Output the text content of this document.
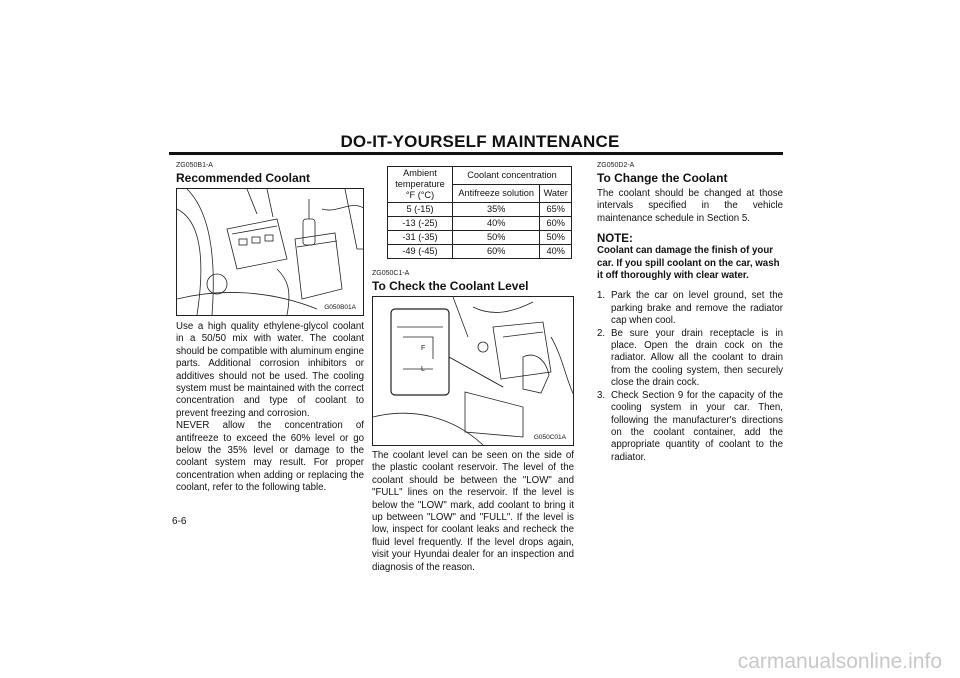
DO-IT-YOURSELF MAINTENANCE
ZG050B1-A
Recommended Coolant
G050B01A
Use a high quality ethylene-glycol coolant in a 50/50 mix with water. The coolant should be compatible with aluminum engine parts. Additional corrosion inhibitors or additives should not be used. The cooling system must be maintained with the correct concentration and type of coolant to prevent freezing and corrosion.
NEVER allow the concentration of antifreeze to exceed the 60% level or go below the 35% level or damage to the coolant system may result. For proper concentration when adding or replacing the coolant, refer to the following table.
Ambient temperature °F (°C)	Coolant concentration	
	Antifreeze solution	Water
5 (-15)	35%	65%
-13 (-25)	40%	60%
-31 (-35)	50%	50%
-49 (-45)	60%	40%
ZG050C1-A
To Check the Coolant Level
F
L
G050C01A
The coolant level can be seen on the side of the plastic coolant reservoir. The level of the coolant should be between the "LOW" and "FULL" lines on the reservoir. If the level is below the "LOW" mark, add coolant to bring it up between "LOW" and "FULL". If the level is low, inspect for coolant leaks and recheck the fluid level frequently. If the level drops again, visit your Hyundai dealer for an inspection and diagnosis of the reason.
ZG050D2-A
To Change the Coolant
The coolant should be changed at those intervals specified in the vehicle maintenance schedule in Section 5.
NOTE:
Coolant can damage the finish of your car. If you spill coolant on the car, wash it off thoroughly with clear water.
1. Park the car on level ground, set the parking brake and remove the radiator cap when cool.
2. Be sure your drain receptacle is in place. Open the drain cock on the radiator. Allow all the coolant to drain from the cooling system, then securely close the drain cock.
3. Check Section 9 for the capacity of the cooling system in your car. Then, following the manufacturer's directions on the coolant container, add the appropriate quantity of coolant to the radiator.
6-6
carmanualsonline.info
